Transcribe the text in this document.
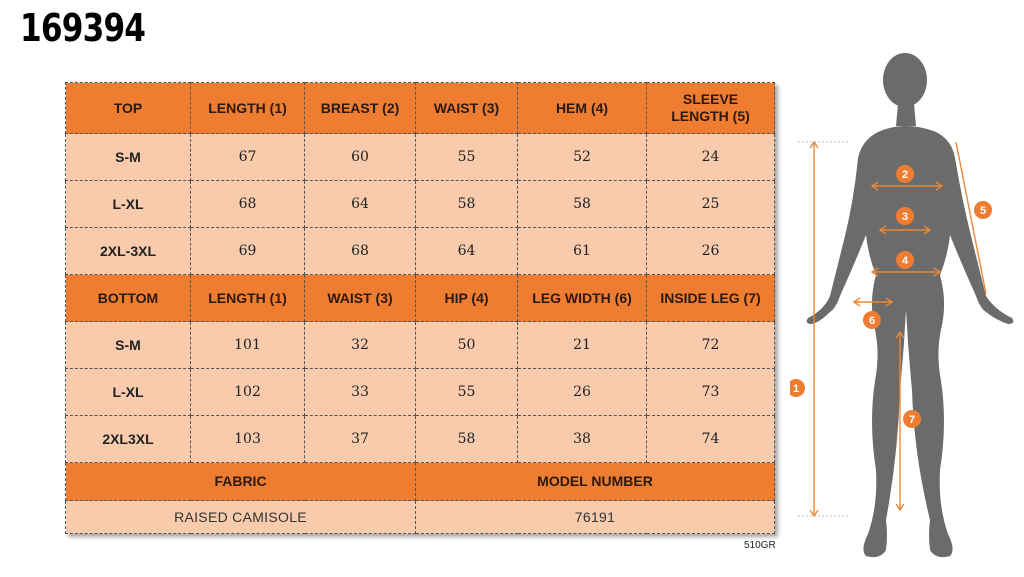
169394
TOP	LENGTH (1)	BREAST (2)	WAIST (3)	HEM (4)	SLEEVE
LENGTH (5)

S-M	67	60	55	52	24
L-XL	68	64	58	58	25
2XL-3XL	69	68	64	61	26
BOTTOM	LENGTH (1)	WAIST (3)	HIP (4)	LEG WIDTH (6)	INSIDE LEG (7)
S-M	101	32	50	21	72
L-XL	102	33	55	26	73
2XL3XL	103	37	58	38	74
FABRIC			MODEL NUMBER		
RAISED CAMISOLE			76191		
510GR
1
2
3
4
5
6
7
